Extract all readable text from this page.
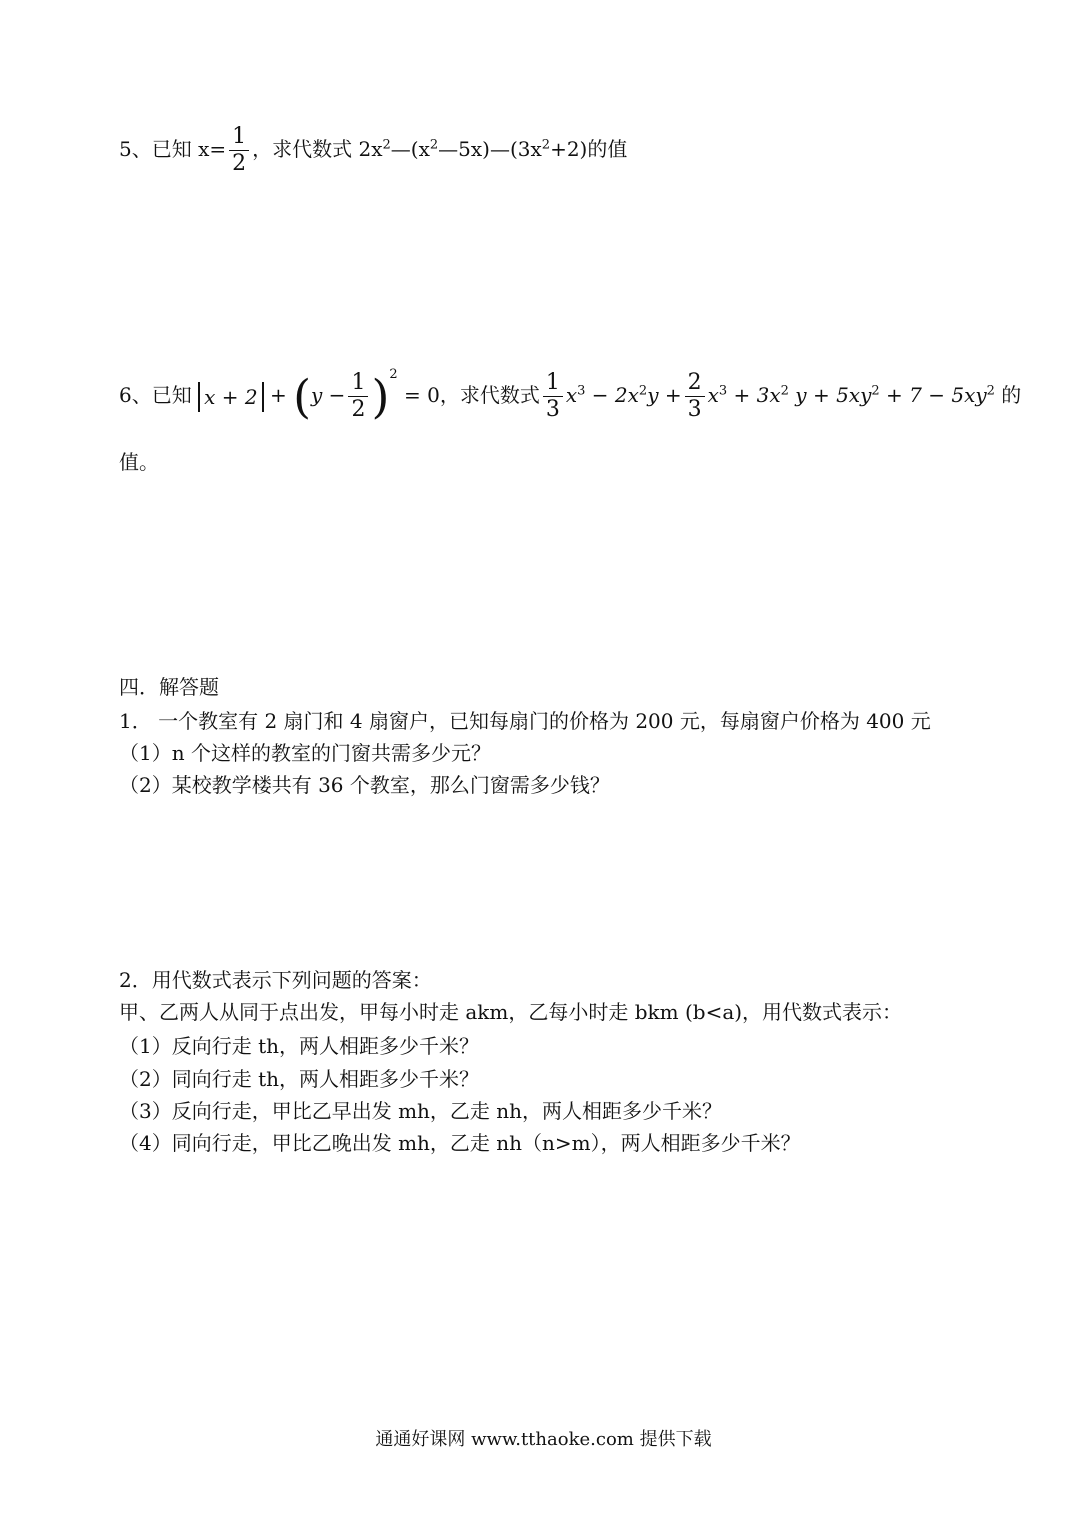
5、已知 $x= \frac{1}{2}$ ，求代数式 $2x^2—(x^2—5x)—(3x^2+2)$的值
6、已知 $x + 2 + (y - \frac{1}{2} )^2 = 0$，求代数式 $\frac{1}{3} x^3 - 2x^2y + \frac{2}{3} x^3 + 3x^2$ $y + 5xy^2 + 7 - 5xy^2$ 的
值。
四．解答题
1． 一个教室有 2 扇门和 4 扇窗户，已知每扇门的价格为 200 元，每扇窗户价格为 400 元
（1）n 个这样的教室的门窗共需多少元？
（2）某校教学楼共有 36 个教室，那么门窗需多少钱？
2．用代数式表示下列问题的答案：
甲、乙两人从同于点出发，甲每小时走 akm，乙每小时走 bkm (b<a)，用代数式表示：
（1）反向行走 th，两人相距多少千米？
（2）同向行走 th，两人相距多少千米？
（3）反向行走，甲比乙早出发 mh，乙走 nh，两人相距多少千米？
（4）同向行走，甲比乙晚出发 mh，乙走 nh（n>m），两人相距多少千米？
通通好课网 www.tthaoke.com 提供下载
